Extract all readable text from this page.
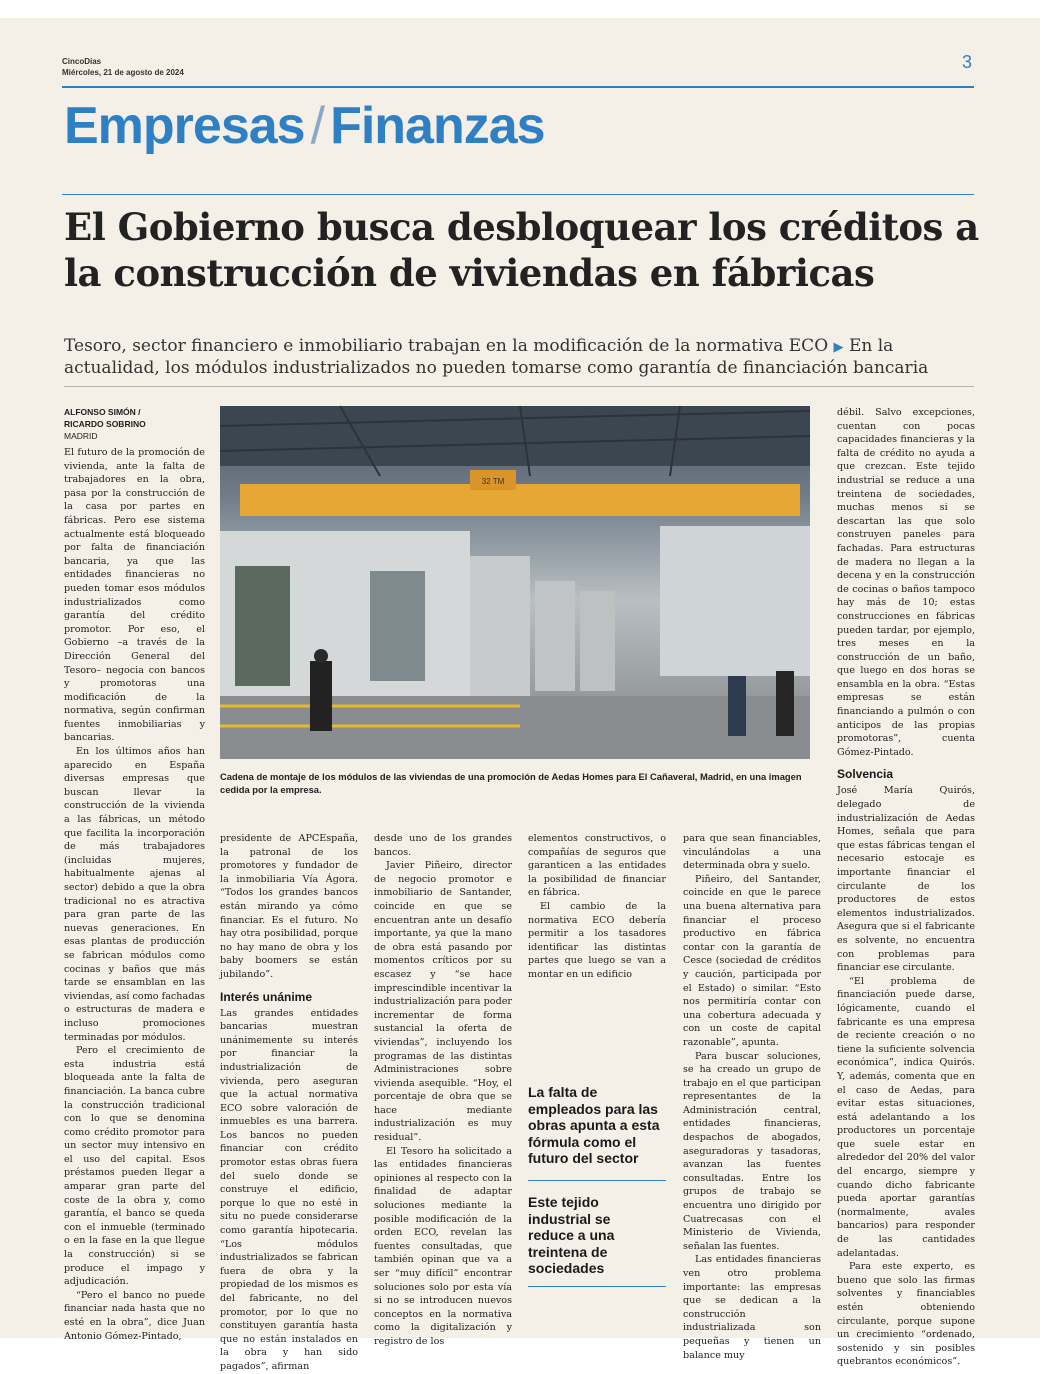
CincoDías
Miércoles, 21 de agosto de 2024
3
Empresas / Finanzas
El Gobierno busca desbloquear los créditos a la construcción de viviendas en fábricas
Tesoro, sector financiero e inmobiliario trabajan en la modificación de la normativa ECO ▶ En la actualidad, los módulos industrializados no pueden tomarse como garantía de financiación bancaria
ALFONSO SIMÓN /
RICARDO SOBRINO
MADRID

El futuro de la promoción de vivienda, ante la falta de trabajadores en la obra, pasa por la construcción de la casa por partes en fábricas. Pero ese sistema actualmente está bloqueado por falta de financiación bancaria, ya que las entidades financieras no pueden tomar esos módulos industrializados como garantía del crédito promotor. Por eso, el Gobierno –a través de la Dirección General del Tesoro– negocia con bancos y promotoras una modificación de la normativa, según confirman fuentes inmobiliarias y bancarias.

En los últimos años han aparecido en España diversas empresas que buscan llevar la construcción de la vivienda a las fábricas, un método que facilita la incorporación de más trabajadores (incluidas mujeres, habitualmente ajenas al sector) debido a que la obra tradicional no es atractiva para gran parte de las nuevas generaciones. En esas plantas de producción se fabrican módulos como cocinas y baños que más tarde se ensamblan en las viviendas, así como fachadas o estructuras de madera e incluso promociones terminadas por módulos.

Pero el crecimiento de esta industria está bloqueada ante la falta de financiación. La banca cubre la construcción tradicional con lo que se denomina como crédito promotor para un sector muy intensivo en el uso del capital. Esos préstamos pueden llegar a amparar gran parte del coste de la obra y, como garantía, el banco se queda con el inmueble (terminado o en la fase en la que llegue la construcción) si se produce el impago y adjudicación.

“Pero el banco no puede financiar nada hasta que no esté en la obra”, dice Juan Antonio Gómez-Pintado,

32 TM
Cadena de montaje de los módulos de las viviendas de una promoción de Aedas Homes para El Cañaveral, Madrid, en una imagen cedida por la empresa.

presidente de APCEspaña, la patronal de los promotores y fundador de la inmobiliaria Vía Ágora. “Todos los grandes bancos están mirando ya cómo financiar. Es el futuro. No hay otra posibilidad, porque no hay mano de obra y los baby boomers se están jubilando”.

Interés unánime

Las grandes entidades bancarias muestran unánimemente su interés por financiar la industrialización de vivienda, pero aseguran que la actual normativa ECO sobre valoración de inmuebles es una barrera. Los bancos no pueden financiar con crédito promotor estas obras fuera del suelo donde se construye el edificio, porque lo que no esté in situ no puede considerarse como garantía hipotecaria. “Los módulos industrializados se fabrican fuera de obra y la propiedad de los mismos es del fabricante, no del promotor, por lo que no constituyen garantía hasta que no están instalados en la obra y han sido pagados”, afirman

desde uno de los grandes bancos.

Javier Piñeiro, director de negocio promotor e inmobiliario de Santander, coincide en que se encuentran ante un desafío importante, ya que la mano de obra está pasando por momentos críticos por su escasez y “se hace imprescindible incentivar la industrialización para poder incrementar de forma sustancial la oferta de viviendas”, incluyendo los programas de las distintas Administraciones sobre vivienda asequible. “Hoy, el porcentaje de obra que se hace mediante industrialización es muy residual”.

El Tesoro ha solicitado a las entidades financieras opiniones al respecto con la finalidad de adaptar soluciones mediante la posible modificación de la orden ECO, revelan las fuentes consultadas, que también opinan que va a ser “muy difícil” encontrar soluciones solo por esta vía si no se introducen nuevos conceptos en la normativa como la digitalización y registro de los

elementos constructivos, o compañías de seguros que garanticen a las entidades la posibilidad de financiar en fábrica.

El cambio de la normativa ECO debería permitir a los tasadores identificar las distintas partes que luego se van a montar en un edificio

La falta de empleados para las obras apunta a esta fórmula como el futuro del sector
Este tejido industrial se reduce a una treintena de sociedades

para que sean financiables, vinculándolas a una determinada obra y suelo.

Piñeiro, del Santander, coincide en que le parece una buena alternativa para financiar el proceso productivo en fábrica contar con la garantía de Cesce (sociedad de créditos y caución, participada por el Estado) o similar. “Esto nos permitiría contar con una cobertura adecuada y con un coste de capital razonable”, apunta.

Para buscar soluciones, se ha creado un grupo de trabajo en el que participan representantes de la Administración central, entidades financieras, despachos de abogados, aseguradoras y tasadoras, avanzan las fuentes consultadas. Entre los grupos de trabajo se encuentra uno dirigido por Cuatrecasas con el Ministerio de Vivienda, señalan las fuentes.

Las entidades financieras ven otro problema importante: las empresas que se dedican a la construcción industrializada son pequeñas y tienen un balance muy

débil. Salvo excepciones, cuentan con pocas capacidades financieras y la falta de crédito no ayuda a que crezcan. Este tejido industrial se reduce a una treintena de sociedades, muchas menos si se descartan las que solo construyen paneles para fachadas. Para estructuras de madera no llegan a la decena y en la construcción de cocinas o baños tampoco hay más de 10; estas construcciones en fábricas pueden tardar, por ejemplo, tres meses en la construcción de un baño, que luego en dos horas se ensambla en la obra. “Estas empresas se están financiando a pulmón o con anticipos de las propias promotoras”, cuenta Gómez-Pintado.

Solvencia

José María Quirós, delegado de industrialización de Aedas Homes, señala que para que estas fábricas tengan el necesario estocaje es importante financiar el circulante de los productores de estos elementos industrializados. Asegura que si el fabricante es solvente, no encuentra con problemas para financiar ese circulante.

“El problema de financiación puede darse, lógicamente, cuando el fabricante es una empresa de reciente creación o no tiene la suficiente solvencia económica”, indica Quirós. Y, además, comenta que en el caso de Aedas, para evitar estas situaciones, está adelantando a los productores un porcentaje que suele estar en alrededor del 20% del valor del encargo, siempre y cuando dicho fabricante pueda aportar garantías (normalmente, avales bancarios) para responder de las cantidades adelantadas.

Para este experto, es bueno que solo las firmas solventes y financiables estén obteniendo circulante, porque supone un crecimiento “ordenado, sostenido y sin posibles quebrantos económicos”.
